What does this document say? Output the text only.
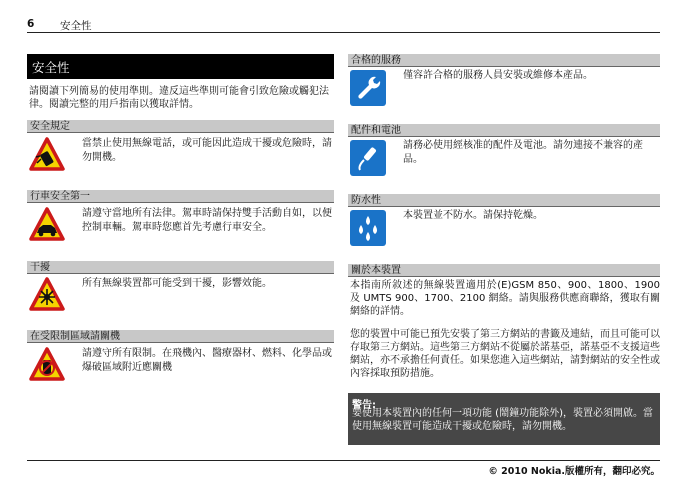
6 安全性
安全性
請閱讀下列簡易的使用準則。違反這些準則可能會引致危險或觸犯法律。閱讀完整的用戶指南以獲取詳情。
安全規定
當禁止使用無線電話，或可能因此造成干擾或危險時，請勿開機。
行車安全第一
請遵守當地所有法律。駕車時請保持雙手活動自如，以便控制車輛。駕車時您應首先考慮行車安全。
干擾
所有無線裝置都可能受到干擾，影響效能。
在受限制區域請關機
請遵守所有限制。在飛機內、醫療器材、燃料、化學品或爆破區域附近應關機
合格的服務
僅容許合格的服務人員安裝或維修本產品。
配件和電池
請務必使用經核准的配件及電池。請勿連接不兼容的產品。
防水性
本裝置並不防水。請保持乾燥。
關於本裝置
本指南所敘述的無線裝置適用於(E)GSM 850、900、1800、1900 及 UMTS 900、1700、2100 網絡。請與服務供應商聯絡，獲取有關網絡的詳情。
您的裝置中可能已預先安裝了第三方網站的書籤及連結，而且可能可以存取第三方網站。這些第三方網站不從屬於諾基亞，諾基亞不支援這些網站，亦不承擔任何責任。如果您進入這些網站，請對網站的安全性或內容採取預防措施。
警告:
要使用本裝置內的任何一項功能 (鬧鐘功能除外)，裝置必須開啟。當使用無線裝置可能造成干擾或危險時，請勿開機。
© 2010 Nokia.版權所有，翻印必究。
